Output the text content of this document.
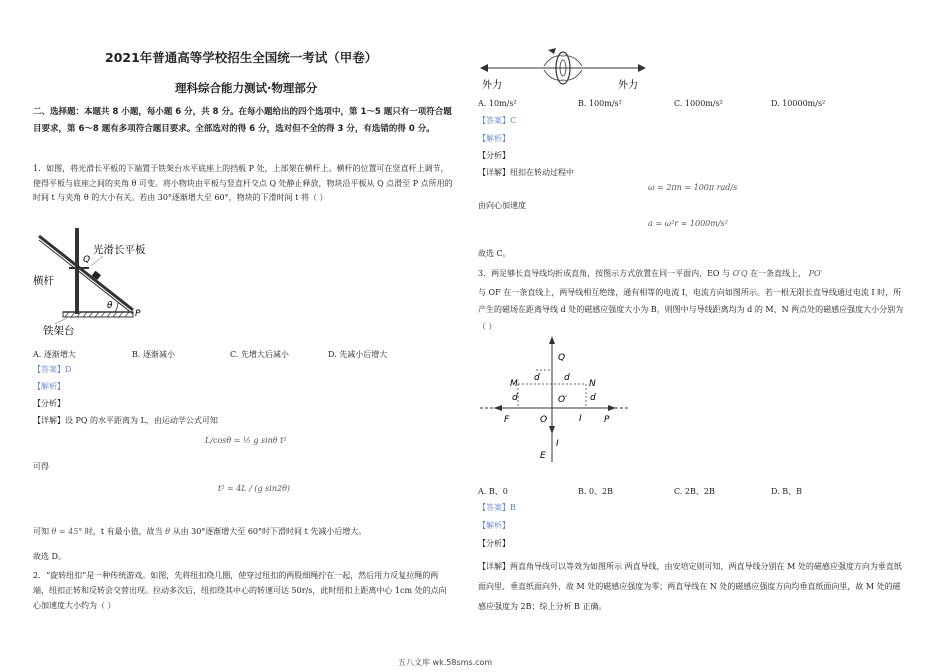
2021年普通高等学校招生全国统一考试（甲卷）
理科综合能力测试·物理部分
二、选择题：本题共 8 小题，每小题 6 分，共 8 分。在每小题给出的四个选项中，第 1～5 题只有一项符合题目要求，第 6～8 题有多项符合题目要求。全部选对的得 6 分，选对但不全的得 3 分，有选错的得 0 分。
1．如图，将光滑长平板的下端置于铁架台水平底座上的挡板 P 处，上部架在横杆上。横杆的位置可在竖直杆上调节，使得平板与底座之间的夹角 θ 可变。将小物块由平板与竖直杆交点 Q 处静止释放，物块沿平板从 Q 点滑至 P 点所用的时间 t 与夹角 θ 的大小有关。若由 30°逐渐增大至 60°，物块的下滑时间 t 将（ ）
θ
Q
P
光滑长平板
横杆
铁架台
A. 逐渐增大	B. 逐渐减小	C. 先增大后减小	D. 先减小后增大
【答案】D
【解析】
【分析】
【详解】设 PQ 的水平距离为 L，由运动学公式可知
L/cosθ = ½ g sinθ t²
可得
t² = 4L / (g sin2θ)
可知 θ = 45° 时，t 有最小值，故当 θ 从由 30°逐渐增大至 60°时下滑时间 t 先减小后增大。
故选 D。
2．“旋转纽扣”是一种传统游戏。如图，先将纽扣绕几圈，使穿过纽扣的两股细绳拧在一起，然后用力反复拉绳的两端，纽扣正转和反转会交替出现。拉动多次后，纽扣绕其中心的转速可达 50r/s，此时纽扣上距离中心 1cm 处的点向心加速度大小约为（ ）
外力	外力
A. 10m/s²	B. 100m/s²	C. 1000m/s²	D. 10000m/s²
【答案】C
【解析】
【分析】
【详解】纽扣在转动过程中
ω = 2πn = 100π rad/s
由向心加速度
a = ω²r ≈ 1000m/s²
故选 C。
3．两足够长直导线均折成直角，按图示方式放置在同一平面内，EO 与 O′Q 在一条直线上， PO′
与 OF 在一条直线上，两导线相互绝缘，通有相等的电流 I，电流方向如图所示。若一根无限长直导线通过电流 I 时，所产生的磁场在距离导线 d 处的磁感应强度大小为 B，则图中与导线距离均为 d 的 M、N 两点处的磁感应强度大小分别为（ ）
Q
M	N
d	d
d	d
O′
O
F	P
E
I
I
A. B、0	B. 0、2B	C. 2B、2B	D. B、B
【答案】B
【解析】
【分析】
【详解】两直角导线可以等效为如图所示 两直导线，由安培定则可知，两直导线分别在 M 处的磁感应强度方向为垂直纸面向里、垂直纸面向外，故 M 处的磁感应强度为零；两直导线在 N 处的磁感应强度方向均垂直纸面向里，故 M 处的磁感应强度为 2B；综上分析 B 正确。
五八文库 wk.58sms.com
